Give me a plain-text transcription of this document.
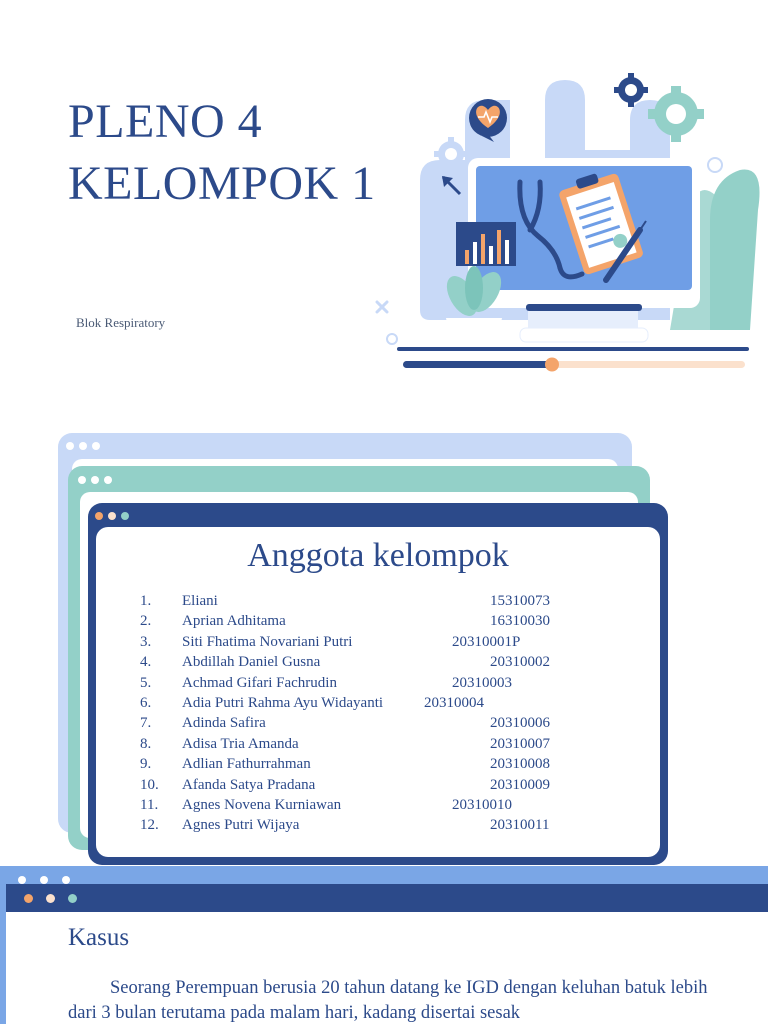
PLENO 4
KELOMPOK 1
Blok Respiratory
Anggota kelompok
1. Eliani	15310073
2. Aprian Adhitama	16310030
3. Siti Fhatima Novariani Putri	20310001P
4. Abdillah Daniel Gusna	20310002
5. Achmad Gifari Fachrudin	20310003
6. Adia Putri Rahma Ayu Widayanti	20310004
7. Adinda Safira	20310006
8. Adisa Tria Amanda	20310007
9. Adlian Fathurrahman	20310008
10. Afanda Satya Pradana	20310009
11. Agnes Novena Kurniawan	20310010
12. Agnes Putri Wijaya	20310011
Kasus
Seorang Perempuan berusia 20 tahun datang ke IGD dengan keluhan batuk lebih dari 3 bulan terutama pada malam hari, kadang disertai sesak
